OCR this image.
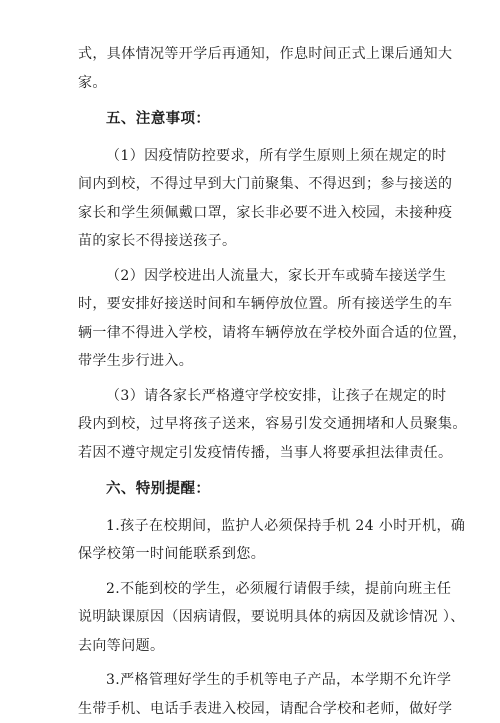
式，具体情况等开学后再通知，作息时间正式上课后通知大
家。
五、注意事项：
（1）因疫情防控要求，所有学生原则上须在规定的时
间内到校，不得过早到大门前聚集、不得迟到；参与接送的
家长和学生须佩戴口罩，家长非必要不进入校园，未接种疫
苗的家长不得接送孩子。
（2）因学校进出人流量大，家长开车或骑车接送学生
时，要安排好接送时间和车辆停放位置。所有接送学生的车
辆一律不得进入学校，请将车辆停放在学校外面合适的位置，
带学生步行进入。
（3）请各家长严格遵守学校安排，让孩子在规定的时
段内到校，过早将孩子送来，容易引发交通拥堵和人员聚集。
若因不遵守规定引发疫情传播，当事人将要承担法律责任。
六、特别提醒：
1.孩子在校期间，监护人必须保持手机 24 小时开机，确
保学校第一时间能联系到您。
2.不能到校的学生，必须履行请假手续，提前向班主任
说明缺课原因（因病请假，要说明具体的病因及就诊情况 ）、
去向等问题。
3.严格管理好学生的手机等电子产品，本学期不允许学
生带手机、电话手表进入校园，请配合学校和老师，做好学
